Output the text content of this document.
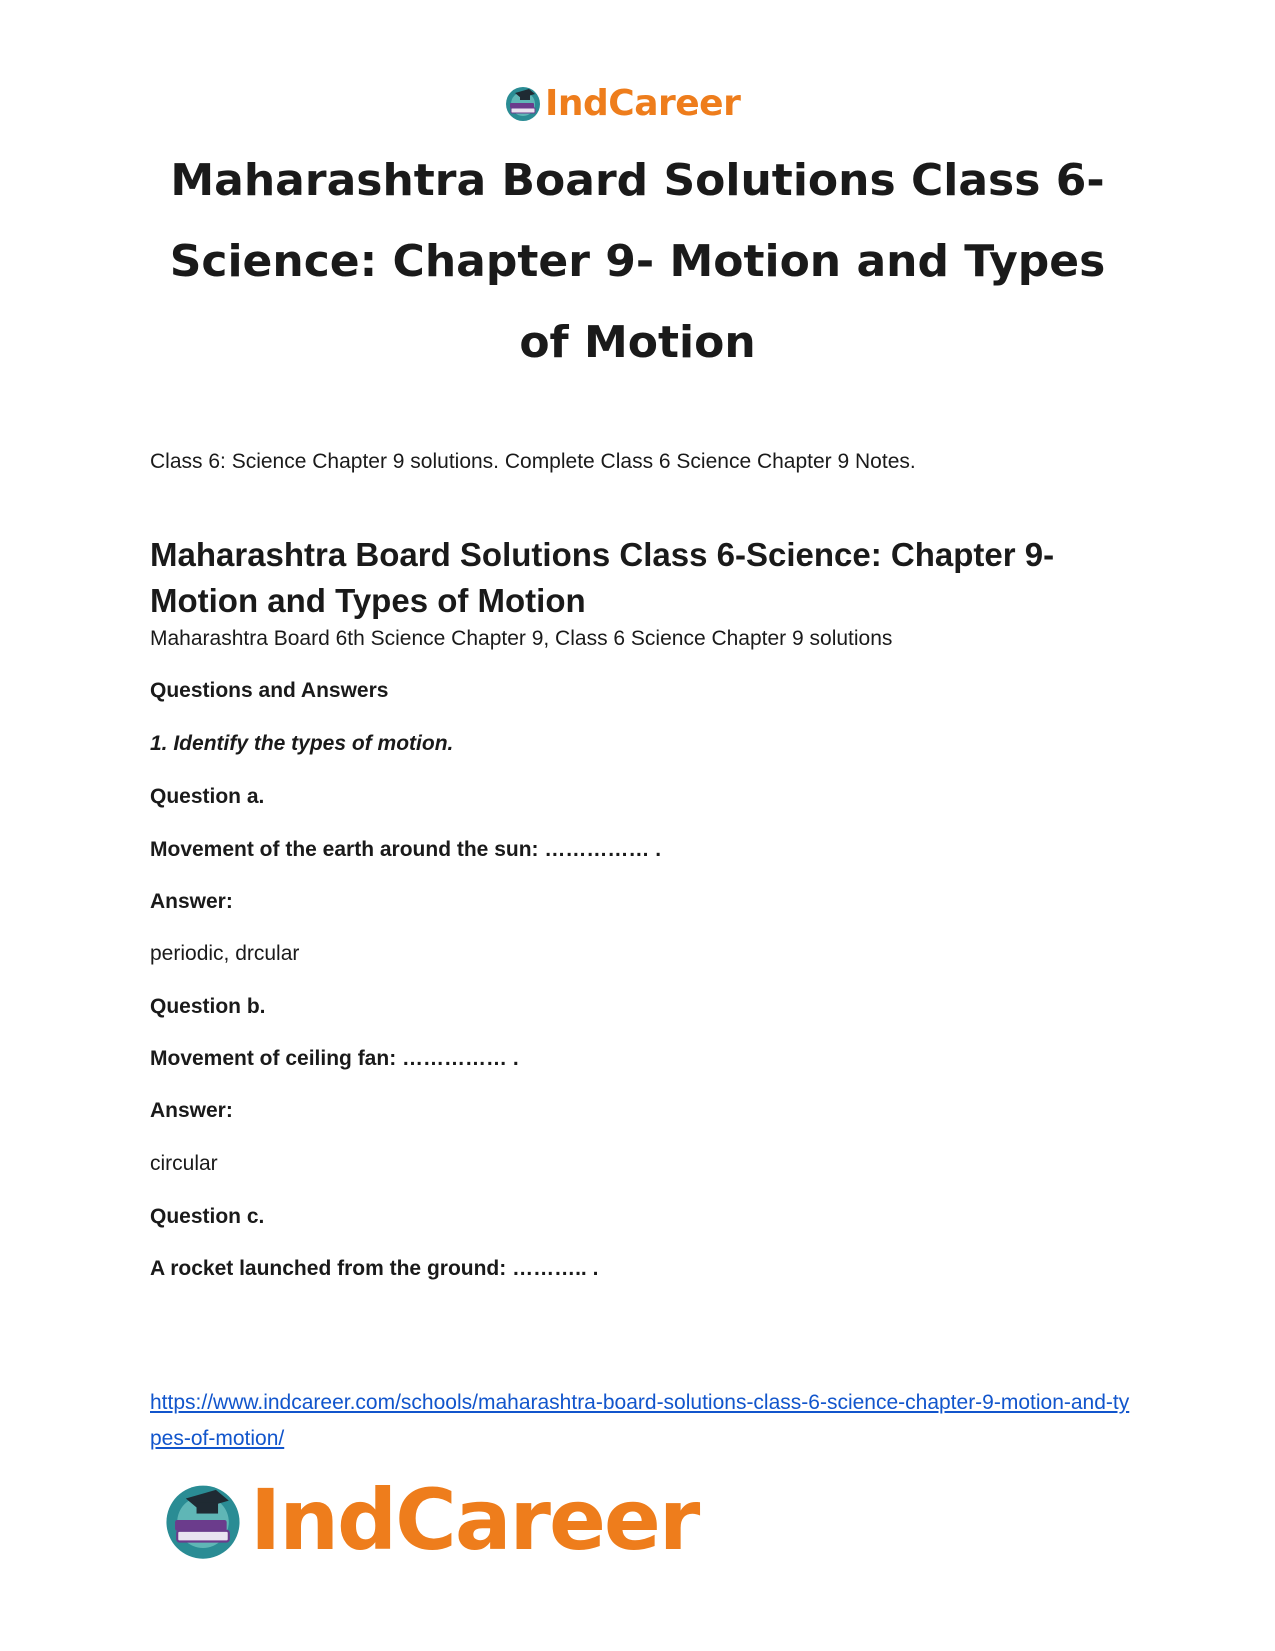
IndCareer
Maharashtra Board Solutions Class 6-Science: Chapter 9- Motion and Types of Motion

Class 6: Science Chapter 9 solutions. Complete Class 6 Science Chapter 9 Notes.

Maharashtra Board Solutions Class 6-Science: Chapter 9- Motion and Types of Motion

Maharashtra Board 6th Science Chapter 9, Class 6 Science Chapter 9 solutions

Questions and Answers

1. Identify the types of motion.

Question a.

Movement of the earth around the sun: …………… .

Answer:

periodic, drcular

Question b.

Movement of ceiling fan: …………… .

Answer:

circular

Question c.

A rocket launched from the ground: ……….. .

https://www.indcareer.com/schools/maharashtra-board-solutions-class-6-science-chapter-9-motion-and-types-of-motion/
IndCareer
